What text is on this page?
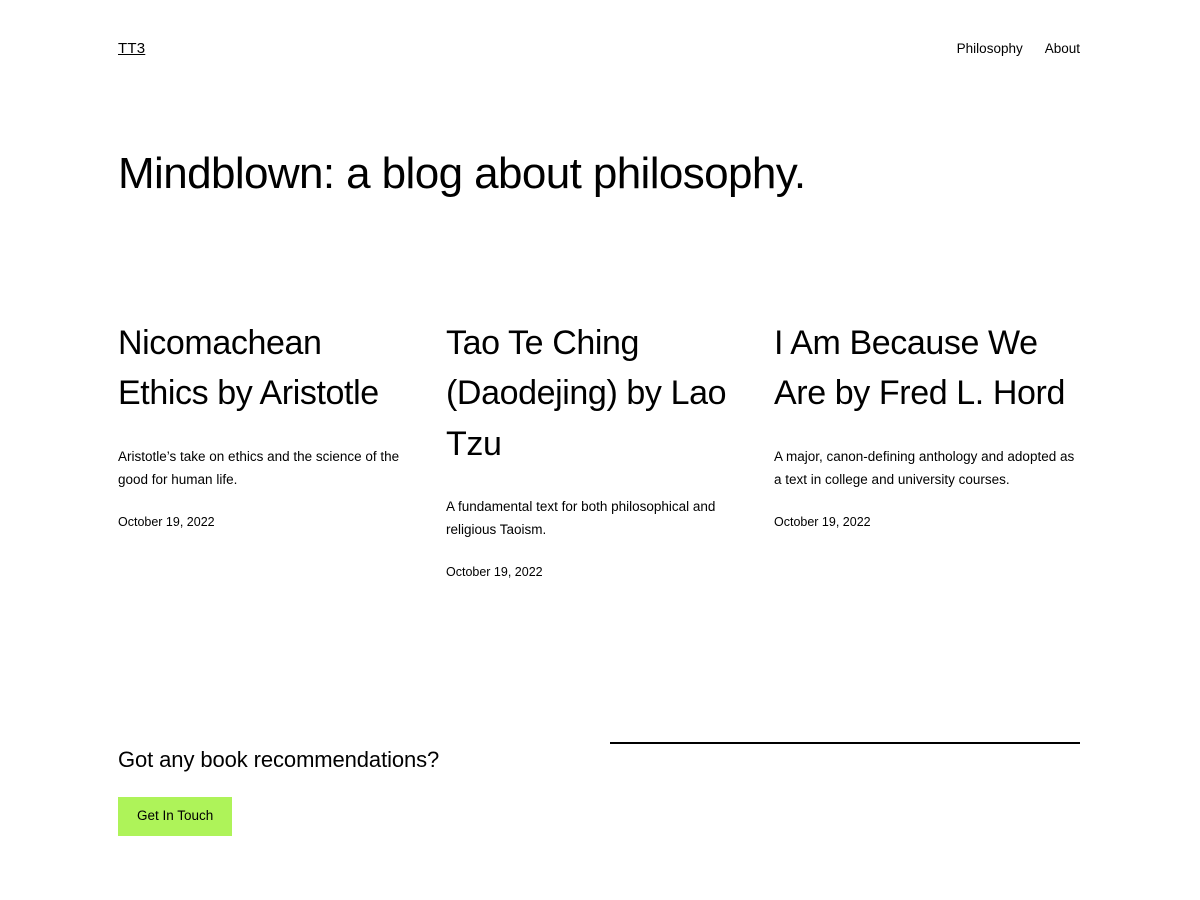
TT3	Philosophy About
Mindblown: a blog about philosophy.
Nicomachean Ethics by Aristotle

Aristotle’s take on ethics and the science of the good for human life.

October 19, 2022
Tao Te Ching (Daodejing) by Lao Tzu

A fundamental text for both philosophical and religious Taoism.

October 19, 2022
I Am Because We Are by Fred L. Hord

A major, canon-defining anthology and adopted as a text in college and university courses.

October 19, 2022
Got any book recommendations?
Get In Touch
